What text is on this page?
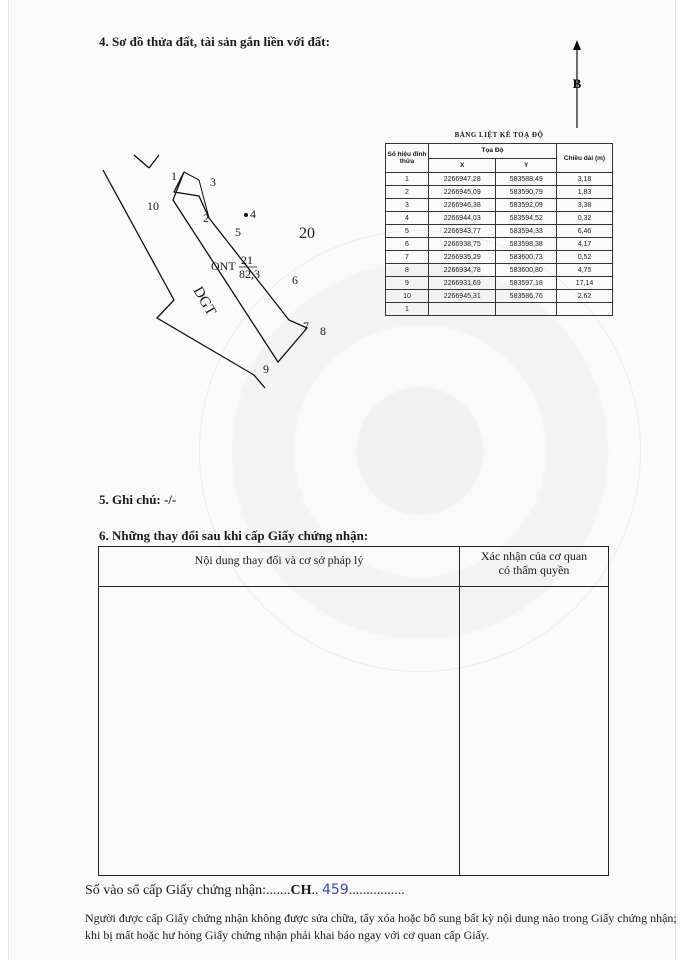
4. Sơ đồ thửa đất, tài sản gắn liền với đất:
B
1
2
3
4
5
6
7 8
9
10
ONT 21
82,3
20
DGT
BẢNG LIỆT KÊ TOẠ ĐỘ
Số hiệu đỉnh thửa	Tọa Độ		Chiều dài (m)
	X	Y	
1	2266947,28	583588,49	3,18
2	2266945,09	583590,79	1,83
3	2266946,38	583592,09	3,38
4	2266944,03	583594,52	0,32
5	2266943,77	583594,33	6,46
6	2266938,75	583598,38	4,17
7	2266935,29	583600,73	0,52
8	2266934,78	583600,80	4,75
9	2266931,69	583597,18	17,14
10	2266945,31	583586,76	2,62
1			
5. Ghi chú: -/-
6. Những thay đổi sau khi cấp Giấy chứng nhận:
Nội dung thay đổi và cơ sở pháp lý	Xác nhận của cơ quan
có thẩm quyền

Số vào sổ cấp Giấy chứng nhận:.......CH.. 459................
Người được cấp Giấy chứng nhận không được sửa chữa, tẩy xóa hoặc bổ sung bất kỳ nội dung nào trong Giấy chứng nhận; khi bị mất hoặc hư hỏng Giấy chứng nhận phải khai báo ngay với cơ quan cấp Giấy.
